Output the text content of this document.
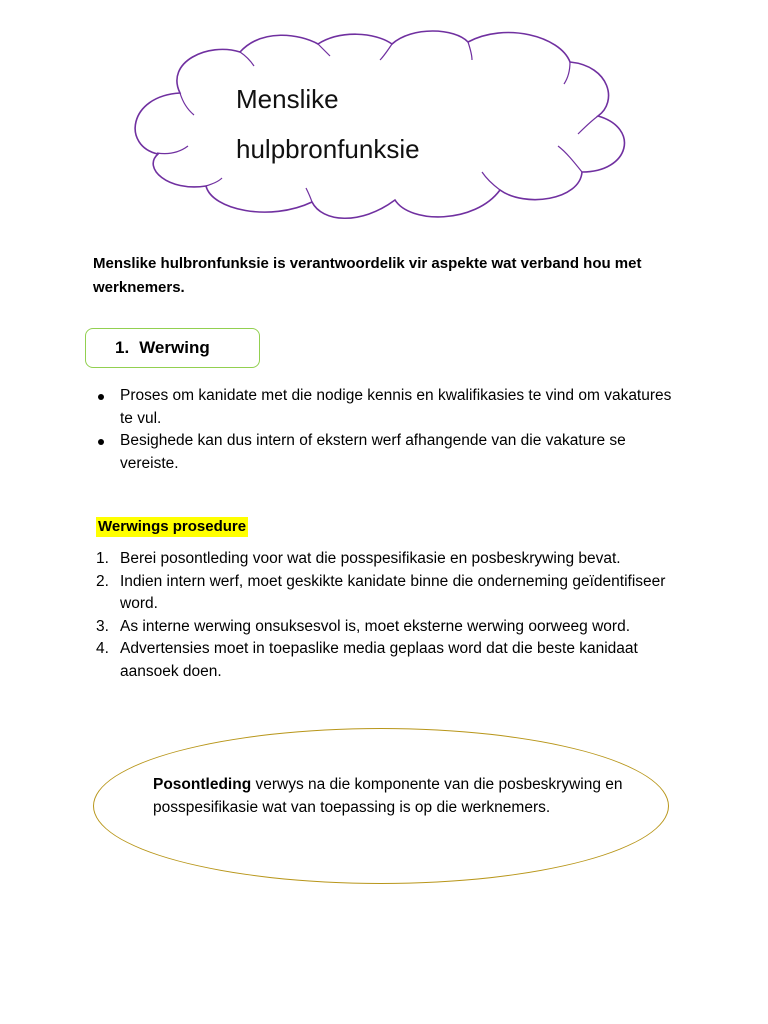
Menslike
hulpbronfunksie
Menslike hulbronfunksie is verantwoordelik vir aspekte wat verband hou met werknemers.
1. Werwing
Proses om kanidate met die nodige kennis en kwalifikasies te vind om vakatures te vul.
Besighede kan dus intern of ekstern werf afhangende van die vakature se vereiste.
Werwings prosedure
1. Berei posontleding voor wat die posspesifikasie en posbeskrywing bevat.
2. Indien intern werf, moet geskikte kanidate binne die onderneming geïdentifiseer word.
3. As interne werwing onsuksesvol is, moet eksterne werwing oorweeg word.
4. Advertensies moet in toepaslike media geplaas word dat die beste kanidaat aansoek doen.
Posontleding verwys na die komponente van die posbeskrywing en posspesifikasie wat van toepassing is op die werknemers.
